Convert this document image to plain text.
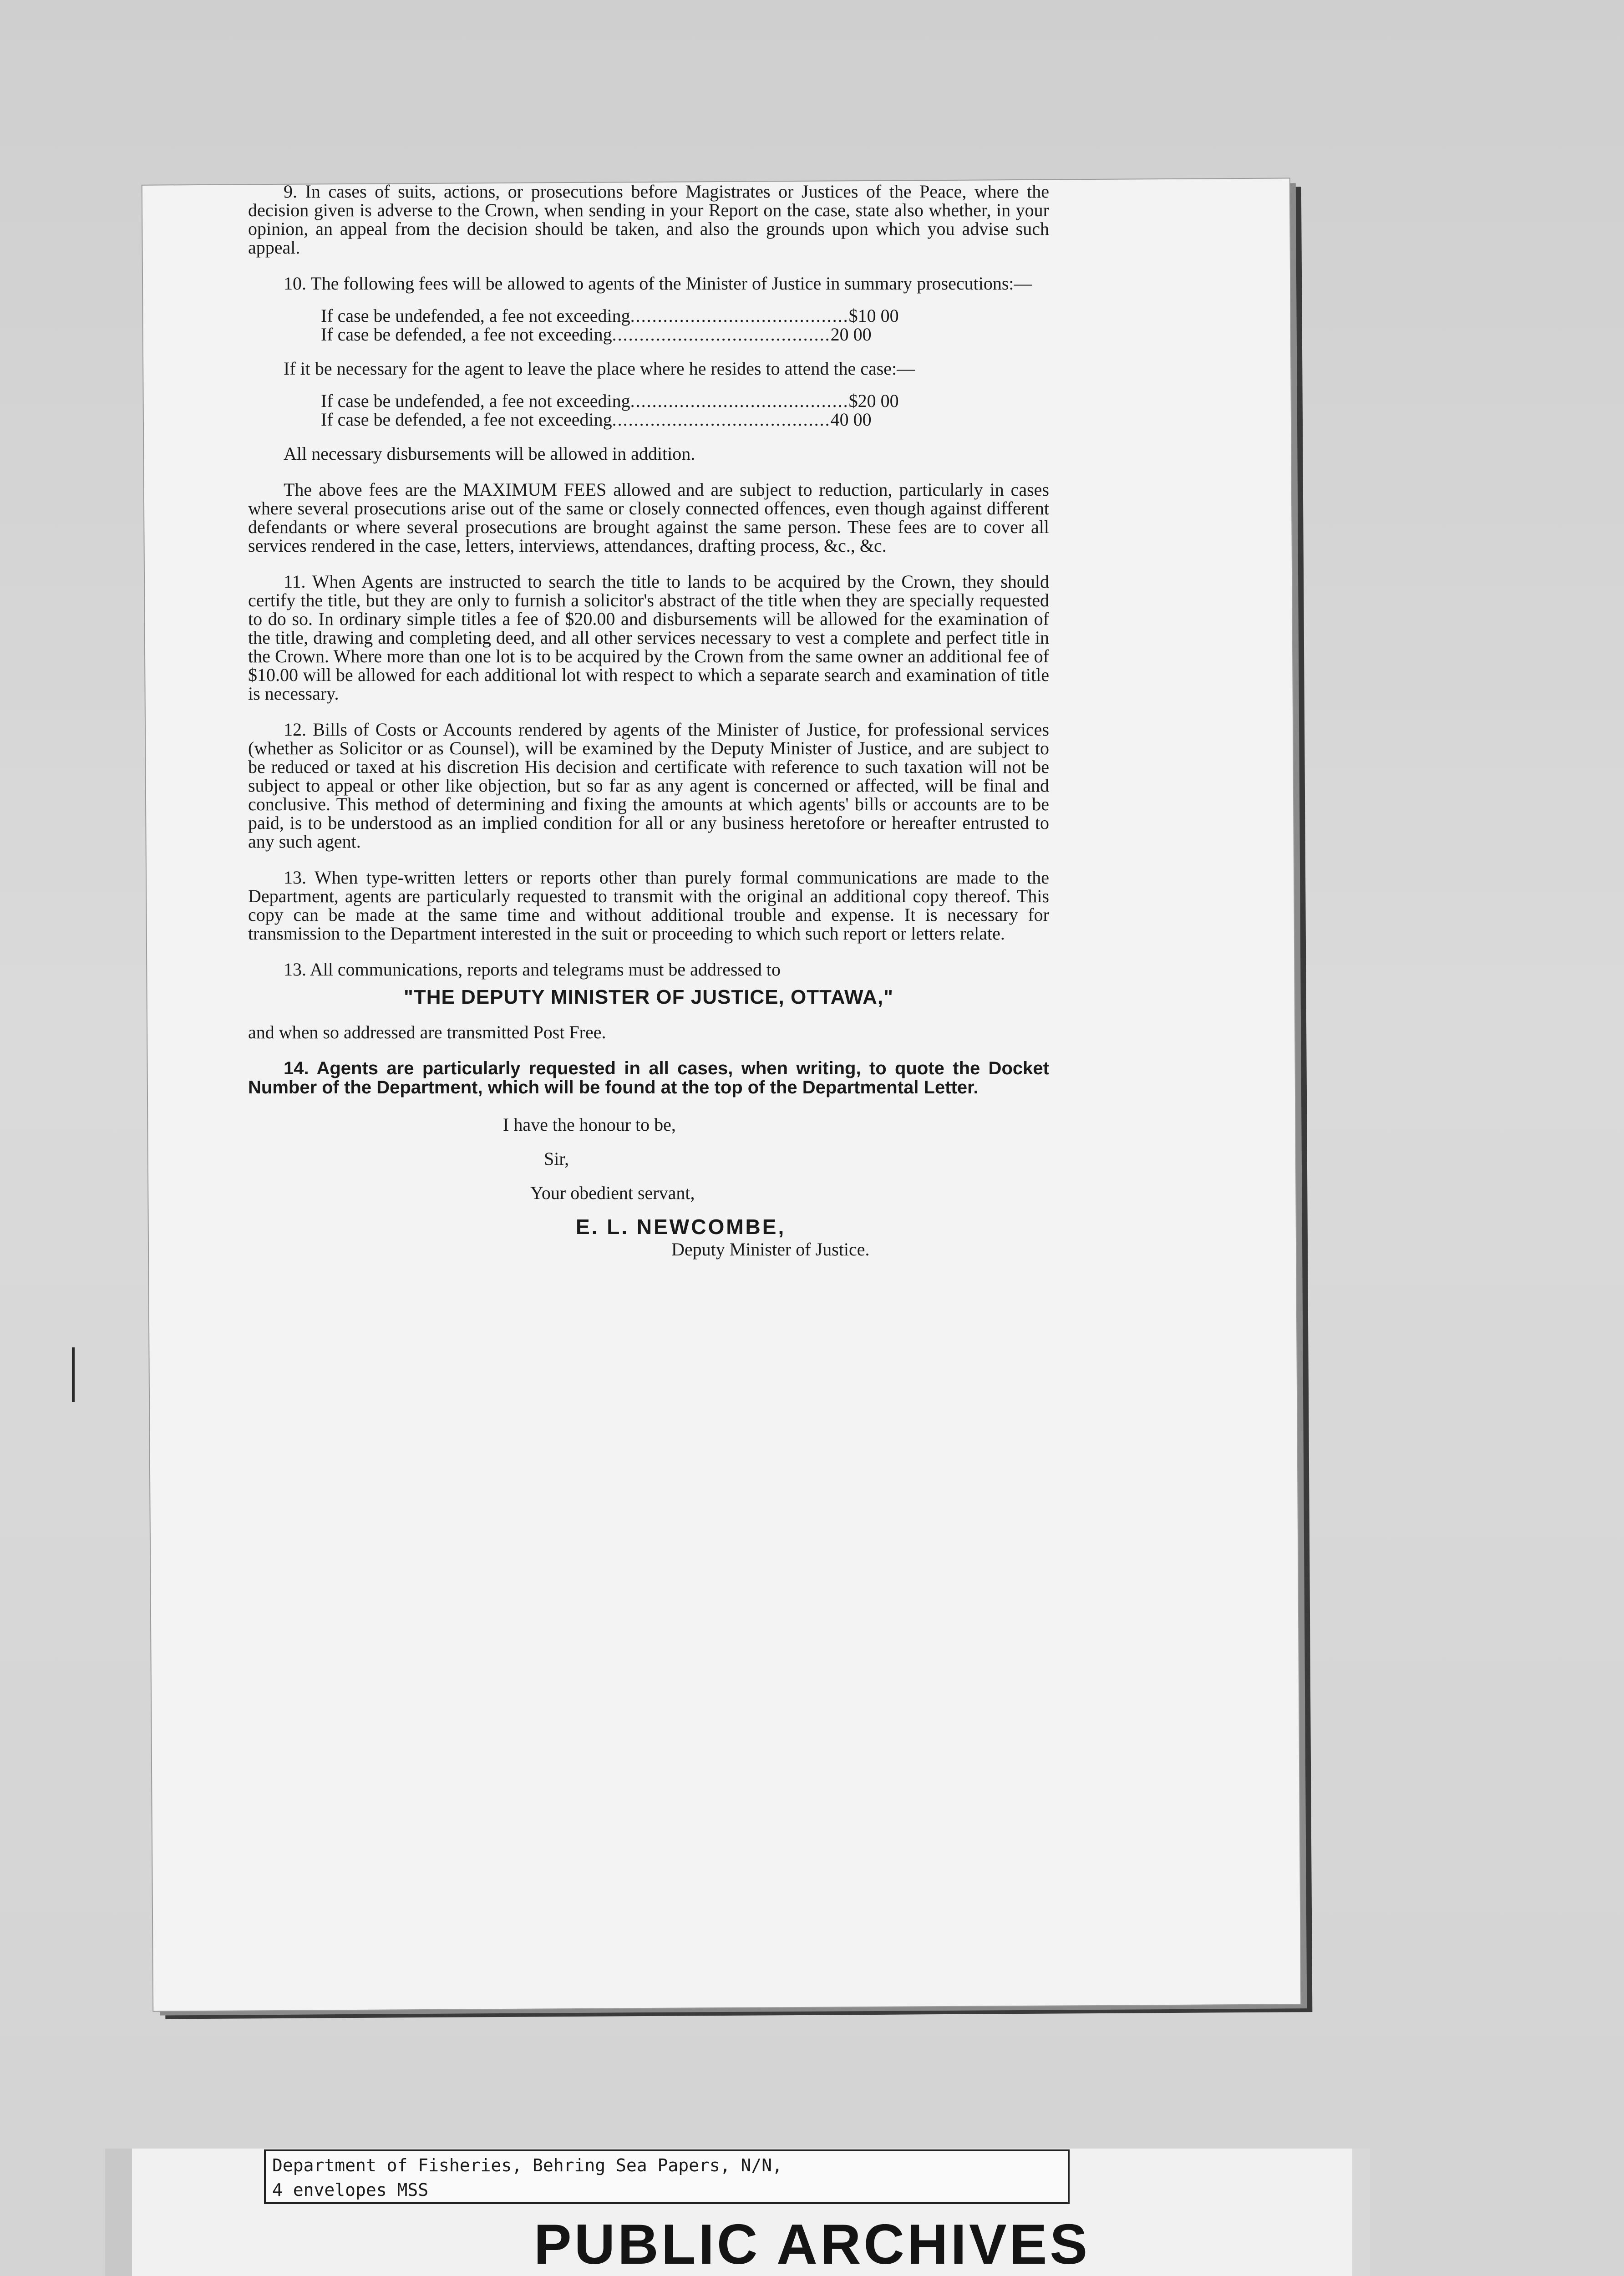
9. In cases of suits, actions, or prosecutions before Magistrates or Justices of the Peace, where the decision given is adverse to the Crown, when sending in your Report on the case, state also whether, in your opinion, an appeal from the decision should be taken, and also the grounds upon which you advise such appeal.

10. The following fees will be allowed to agents of the Minister of Justice in summary prosecutions:—

If case be undefended, a fee not exceeding ........................................ $10 00
If case be defended, a fee not exceeding ........................................ 20 00

If it be necessary for the agent to leave the place where he resides to attend the case:—

If case be undefended, a fee not exceeding ........................................ $20 00
If case be defended, a fee not exceeding ........................................ 40 00

All necessary disbursements will be allowed in addition.

The above fees are the MAXIMUM FEES allowed and are subject to reduction, particularly in cases where several prosecutions arise out of the same or closely connected offences, even though against different defendants or where several prosecutions are brought against the same person. These fees are to cover all services rendered in the case, letters, interviews, attendances, drafting process, &c., &c.

11. When Agents are instructed to search the title to lands to be acquired by the Crown, they should certify the title, but they are only to furnish a solicitor's abstract of the title when they are specially requested to do so. In ordinary simple titles a fee of $20.00 and disbursements will be allowed for the examination of the title, drawing and completing deed, and all other services necessary to vest a complete and perfect title in the Crown. Where more than one lot is to be acquired by the Crown from the same owner an additional fee of $10.00 will be allowed for each additional lot with respect to which a separate search and examination of title is necessary.

12. Bills of Costs or Accounts rendered by agents of the Minister of Justice, for professional services (whether as Solicitor or as Counsel), will be examined by the Deputy Minister of Justice, and are subject to be reduced or taxed at his discretion His decision and certificate with reference to such taxation will not be subject to appeal or other like objection, but so far as any agent is concerned or affected, will be final and conclusive. This method of determining and fixing the amounts at which agents' bills or accounts are to be paid, is to be understood as an implied condition for all or any business heretofore or hereafter entrusted to any such agent.

13. When type-written letters or reports other than purely formal communications are made to the Department, agents are particularly requested to transmit with the original an additional copy thereof. This copy can be made at the same time and without additional trouble and expense. It is necessary for transmission to the Department interested in the suit or proceeding to which such report or letters relate.

13. All communications, reports and telegrams must be addressed to

"THE DEPUTY MINISTER OF JUSTICE, OTTAWA,"

and when so addressed are transmitted Post Free.

14. Agents are particularly requested in all cases, when writing, to quote the Docket Number of the Department, which will be found at the top of the Departmental Letter.

I have the honour to be,

Sir,

Your obedient servant,

E. L. NEWCOMBE,

Deputy Minister of Justice.

Department of Fisheries, Behring Sea Papers, N/N,
4 envelopes MSS
PUBLIC ARCHIVES
